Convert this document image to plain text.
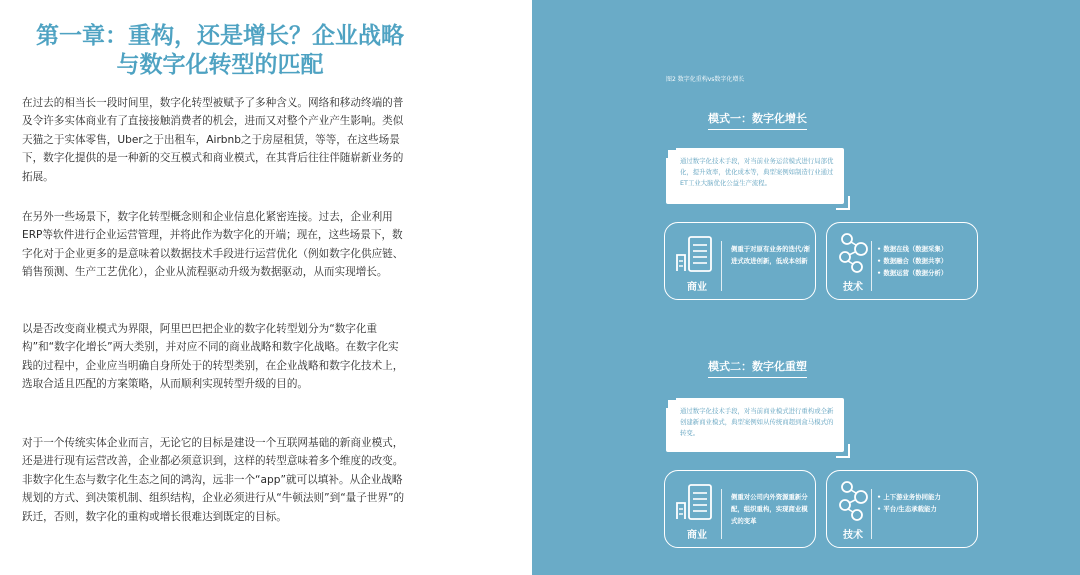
第一章：重构，还是增长？企业战略
与数字化转型的匹配

在过去的相当长一段时间里，数字化转型被赋予了多种含义。网络和移动终端的普及令许多实体商业有了直接接触消费者的机会，进而又对整个产业产生影响。类似天猫之于实体零售，Uber之于出租车，Airbnb之于房屋租赁，等等，在这些场景下，数字化提供的是一种新的交互模式和商业模式，在其背后往往伴随崭新业务的拓展。

在另外一些场景下，数字化转型概念则和企业信息化紧密连接。过去，企业利用ERP等软件进行企业运营管理，并将此作为数字化的开端；现在，这些场景下，数字化对于企业更多的是意味着以数据技术手段进行运营优化（例如数字化供应链、销售预测、生产工艺优化），企业从流程驱动升级为数据驱动，从而实现增长。

以是否改变商业模式为界限，阿里巴巴把企业的数字化转型划分为“数字化重构”和“数字化增长”两大类别，并对应不同的商业战略和数字化战略。在数字化实践的过程中，企业应当明确自身所处于的转型类别，在企业战略和数字化技术上，选取合适且匹配的方案策略，从而顺利实现转型升级的目的。

对于一个传统实体企业而言，无论它的目标是建设一个互联网基础的新商业模式，还是进行现有运营改善，企业都必须意识到，这样的转型意味着多个维度的改变。非数字化生态与数字化生态之间的鸿沟，远非一个“app”就可以填补。从企业战略规划的方式、到决策机制、组织结构，企业必须进行从“牛顿法则”到“量子世界”的跃迁，否则，数字化的重构或增长很难达到既定的目标。

图2 数字化重构vs数字化增长
模式一：数字化增长
通过数字化技术手段，对当前业务运营模式进行局部优化，提升效率，优化成本等，典型案例如制造行业通过ET工业大脑优化公益生产流程。
侧重于对原有业务的迭代/渐进式改进创新，低成本创新
商业
• 数据在线（数据采集）
• 数据融合（数据共享）
• 数据运营（数据分析）
技术
模式二：数字化重塑
通过数字化技术手段，对当前商业模式进行重构或全新创建新商业模式，典型案例如从传统商超到盒马模式的转变。
侧重对公司内外资源重新分配，组织重构，实现商业模式的变革
商业
• 上下游业务协同能力
• 平台/生态承载能力
技术
